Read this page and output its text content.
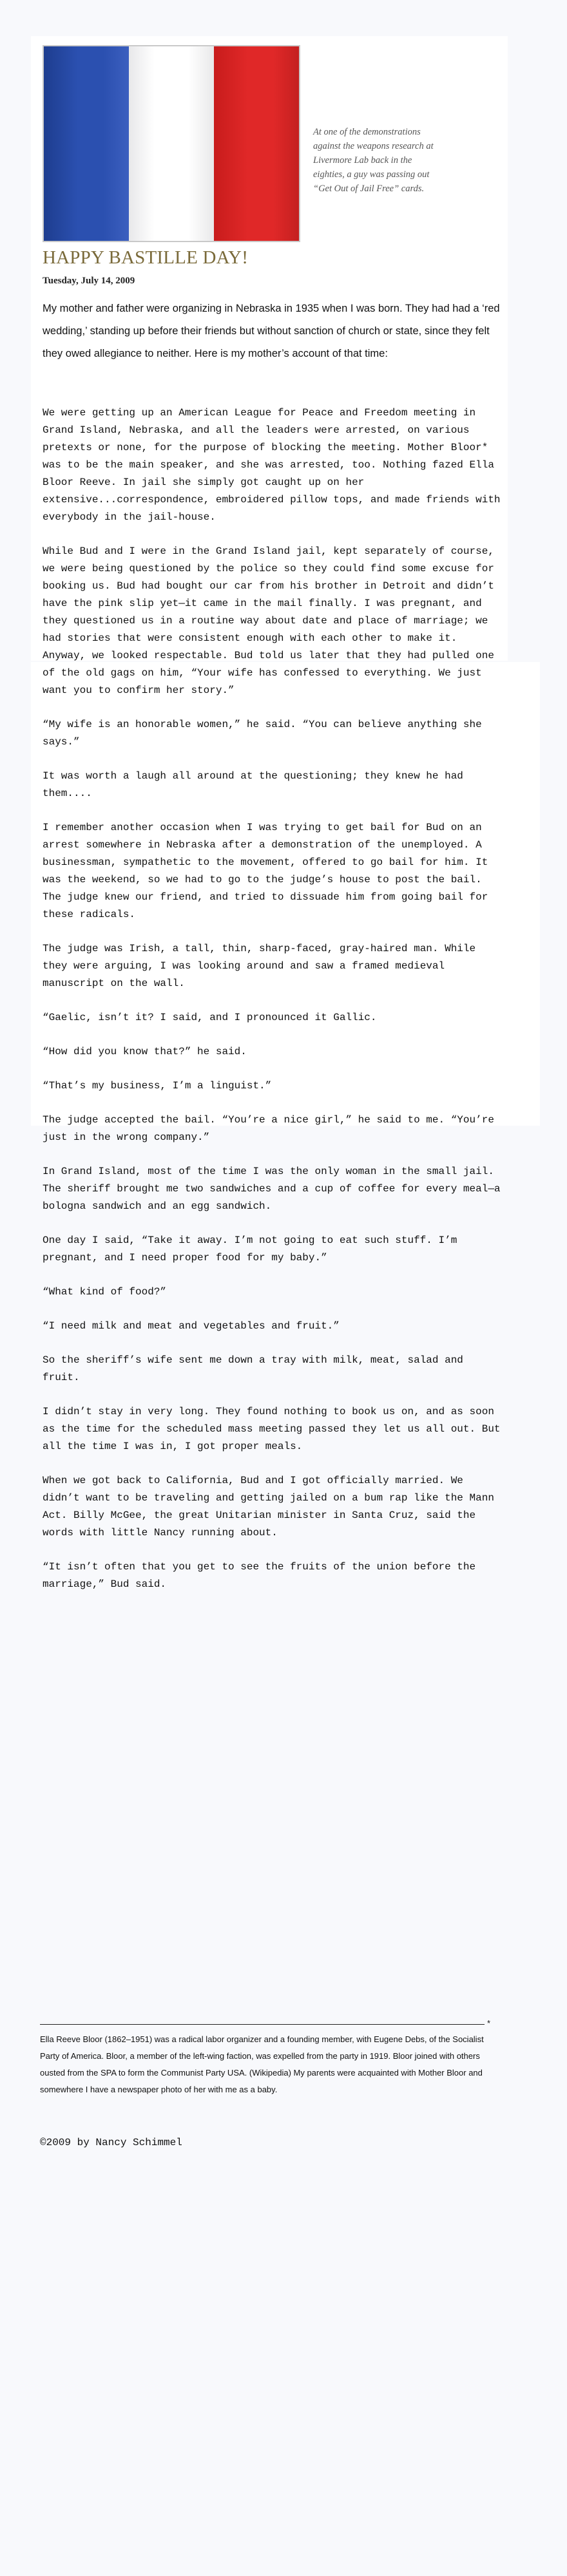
At one of the demonstrations against the weapons research at Livermore Lab back in the eighties, a guy was passing out “Get Out of Jail Free” cards.
HAPPY BASTILLE DAY!
Tuesday, July 14, 2009

My mother and father were organizing in Nebraska in 1935 when I was born. They had had a ‘red wedding,’ standing up before their friends but without sanction of church or state, since they felt they owed allegiance to neither. Here is my mother’s account of that time:

We were getting up an American League for Peace and Freedom meeting in Grand Island, Nebraska, and all the leaders were arrested, on various pretexts or none, for the purpose of blocking the meeting. Mother Bloor* was to be the main speaker, and she was arrested, too. Nothing fazed Ella Bloor Reeve. In jail she simply got caught up on her extensive...correspondence, embroidered pillow tops, and made friends with everybody in the jail-house.

While Bud and I were in the Grand Island jail, kept separately of course, we were being questioned by the police so they could find some excuse for booking us. Bud had bought our car from his brother in Detroit and didn’t have the pink slip yet—it came in the mail finally. I was pregnant, and they questioned us in a routine way about date and place of marriage; we had stories that were consistent enough with each other to make it. Anyway, we looked respectable. Bud told us later that they had pulled one of the old gags on him, “Your wife has confessed to everything. We just want you to confirm her story.”

“My wife is an honorable women,” he said. “You can believe anything she says.”

It was worth a laugh all around at the questioning; they knew he had them....

I remember another occasion when I was trying to get bail for Bud on an arrest somewhere in Nebraska after a demonstration of the unemployed. A businessman, sympathetic to the movement, offered to go bail for him. It was the weekend, so we had to go to the judge’s house to post the bail. The judge knew our friend, and tried to dissuade him from going bail for these radicals.

The judge was Irish, a tall, thin, sharp-faced, gray-haired man. While they were arguing, I was looking around and saw a framed medieval manuscript on the wall.

“Gaelic, isn’t it? I said, and I pronounced it Gallic.

“How did you know that?” he said.

“That’s my business, I’m a linguist.”

The judge accepted the bail. “You’re a nice girl,” he said to me. “You’re just in the wrong company.”

In Grand Island, most of the time I was the only woman in the small jail. The sheriff brought me two sandwiches and a cup of coffee for every meal—a bologna sandwich and an egg sandwich.

One day I said, “Take it away. I’m not going to eat such stuff. I’m pregnant, and I need proper food for my baby.”

“What kind of food?”

“I need milk and meat and vegetables and fruit.”

So the sheriff’s wife sent me down a tray with milk, meat, salad and fruit.

I didn’t stay in very long. They found nothing to book us on, and as soon as the time for the scheduled mass meeting passed they let us all out. But all the time I was in, I got proper meals.

When we got back to California, Bud and I got officially married. We didn’t want to be traveling and getting jailed on a bum rap like the Mann Act. Billy McGee, the great Unitarian minister in Santa Cruz, said the words with little Nancy running about.

“It isn’t often that you get to see the fruits of the union before the marriage,” Bud said.

*

Ella Reeve Bloor (1862–1951) was a radical labor organizer and a founding member, with Eugene Debs, of the Socialist Party of America. Bloor, a member of the left-wing faction, was expelled from the party in 1919. Bloor joined with others ousted from the SPA to form the Communist Party USA. (Wikipedia) My parents were acquainted with Mother Bloor and somewhere I have a newspaper photo of her with me as a baby.

©2009 by Nancy Schimmel
